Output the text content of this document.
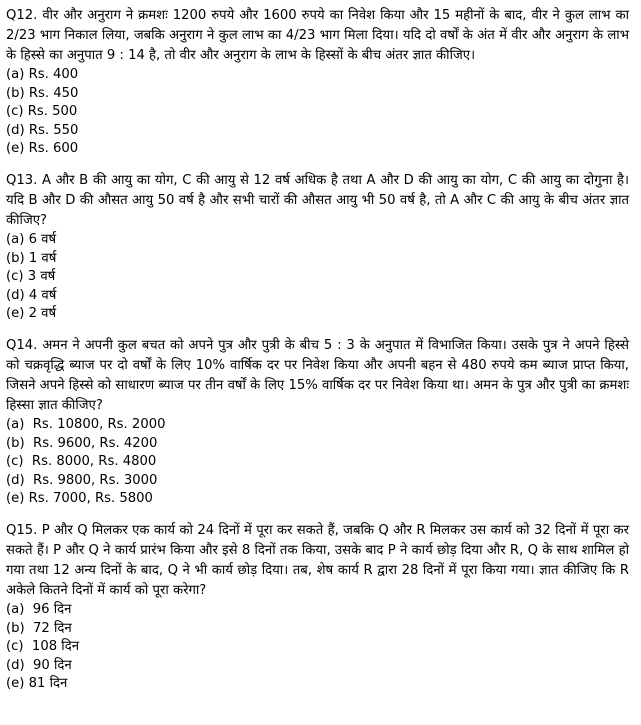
Q12. वीर और अनुराग ने क्रमशः 1200 रुपये और 1600 रुपये का निवेश किया और 15 महीनों के बाद, वीर ने कुल लाभ का 2/23 भाग निकाल लिया, जबकि अनुराग ने कुल लाभ का 4/23 भाग मिला दिया। यदि दो वर्षों के अंत में वीर और अनुराग के लाभ के हिस्से का अनुपात 9 : 14 है, तो वीर और अनुराग के लाभ के हिस्सों के बीच अंतर ज्ञात कीजिए।

(a) Rs. 400
(b) Rs. 450
(c) Rs. 500
(d) Rs. 550
(e) Rs. 600

Q13. A और B की आयु का योग, C की आयु से 12 वर्ष अधिक है तथा A और D की आयु का योग, C की आयु का दोगुना है। यदि B और D की औसत आयु 50 वर्ष है और सभी चारों की औसत आयु भी 50 वर्ष है, तो A और C की आयु के बीच अंतर ज्ञात कीजिए?

(a) 6 वर्ष
(b) 1 वर्ष
(c) 3 वर्ष
(d) 4 वर्ष
(e) 2 वर्ष

Q14. अमन ने अपनी कुल बचत को अपने पुत्र और पुत्री के बीच 5 : 3 के अनुपात में विभाजित किया। उसके पुत्र ने अपने हिस्से को चक्रवृद्धि ब्याज पर दो वर्षों के लिए 10% वार्षिक दर पर निवेश किया और अपनी बहन से 480 रुपये कम ब्याज प्राप्त किया, जिसने अपने हिस्से को साधारण ब्याज पर तीन वर्षों के लिए 15% वार्षिक दर पर निवेश किया था। अमन के पुत्र और पुत्री का क्रमशः हिस्सा ज्ञात कीजिए?

(a)  Rs. 10800, Rs. 2000
(b)  Rs. 9600, Rs. 4200
(c)  Rs. 8000, Rs. 4800
(d)  Rs. 9800, Rs. 3000
(e) Rs. 7000, Rs. 5800

Q15. P और Q मिलकर एक कार्य को 24 दिनों में पूरा कर सकते हैं, जबकि Q और R मिलकर उस कार्य को 32 दिनों में पूरा कर सकते हैं। P और Q ने कार्य प्रारंभ किया और इसे 8 दिनों तक किया, उसके बाद P ने कार्य छोड़ दिया और R, Q के साथ शामिल हो गया तथा 12 अन्य दिनों के बाद, Q ने भी कार्य छोड़ दिया। तब, शेष कार्य R द्वारा 28 दिनों में पूरा किया गया। ज्ञात कीजिए कि R अकेले कितने दिनों में कार्य को पूरा करेगा?

(a)  96 दिन
(b)  72 दिन
(c)  108 दिन
(d)  90 दिन
(e) 81 दिन
